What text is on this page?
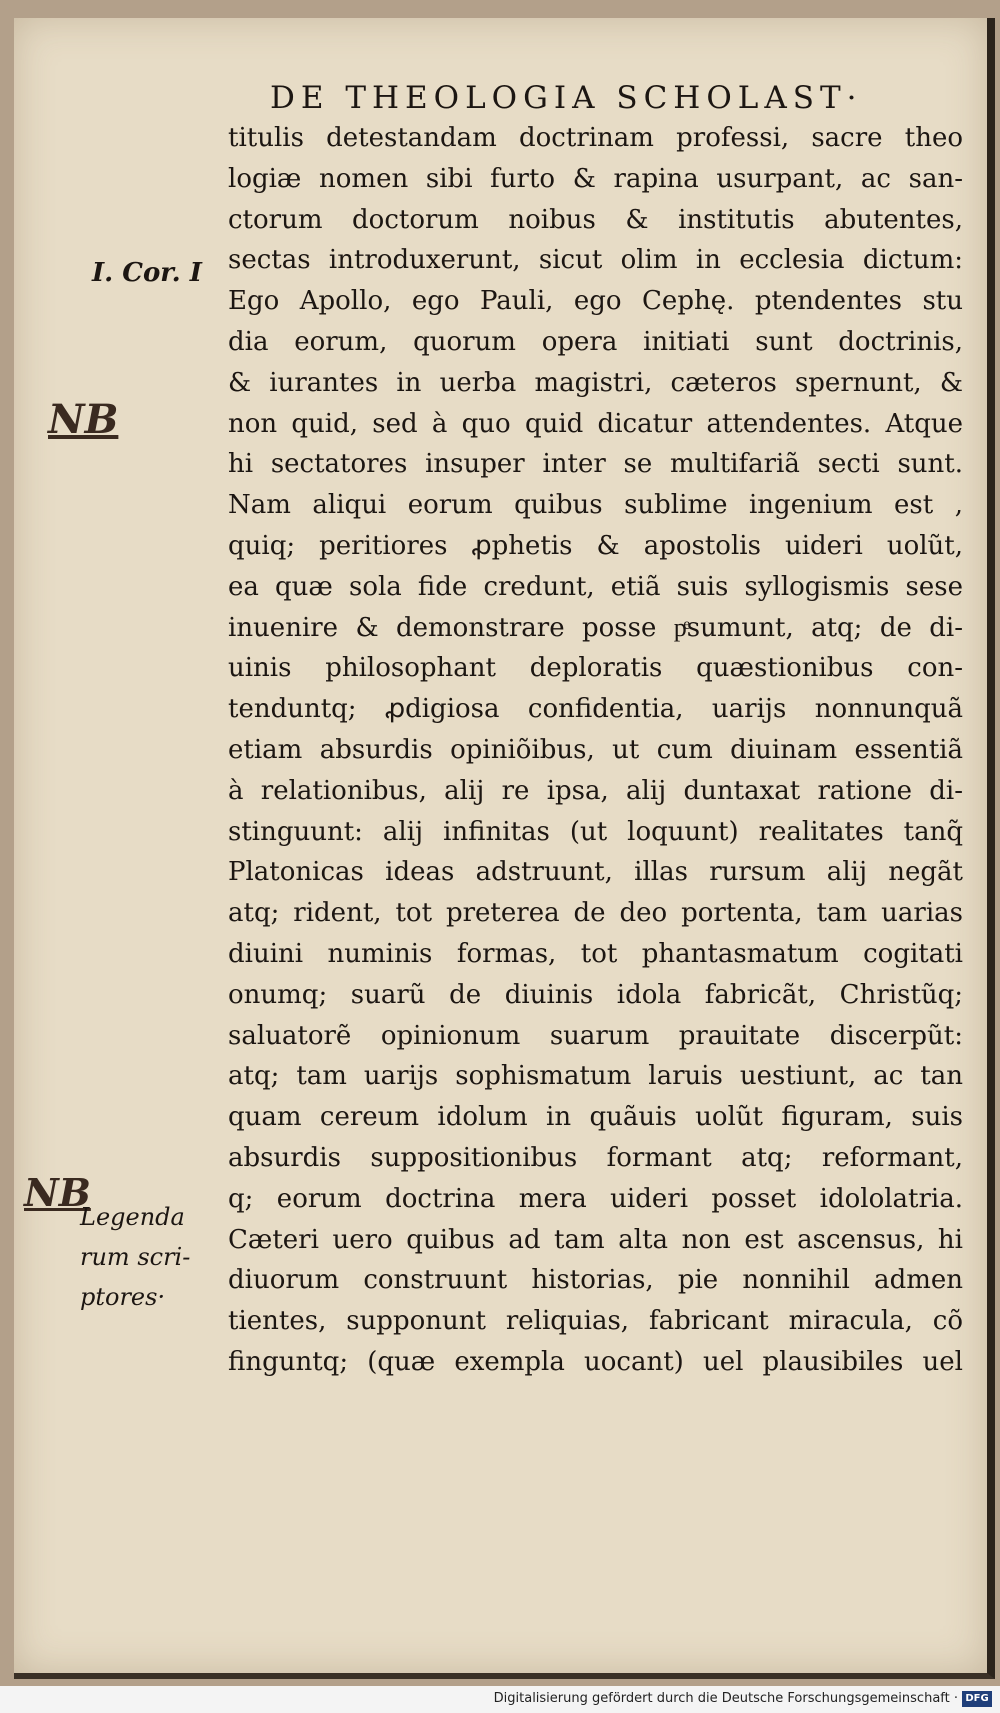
DE THEOLOGIA SCHOLAST·
titulis detestandam doctrinam professi, sacre theo
logiæ nomen sibi furto & rapina usurpant, ac san-
ctorum doctorum noibus & institutis abutentes,
sectas introduxerunt, sicut olim in ecclesia dictum:
Ego Apollo, ego Pauli, ego Cephę. ptendentes stu
dia eorum, quorum opera initiati sunt doctrinis,
& iurantes in uerba magistri, cæteros spernunt, &
non quid, sed à quo quid dicatur attendentes. Atque
hi sectatores insuper inter se multifariã secti sunt.
Nam aliqui eorum quibus sublime ingenium est ,
quiq; peritiores ꝓphetis & apostolis uideri uolũt,
ea quæ sola fide credunt, etiã suis syllogismis sese
inuenire & demonstrare posse pͤsumunt, atq; de di-
uinis philosophant deploratis quæstionibus con-
tenduntq; ꝓdigiosa confidentia, uarijs nonnunquã
etiam absurdis opiniõibus, ut cum diuinam essentiã
à relationibus, alij re ipsa, alij duntaxat ratione di-
stinguunt: alij infinitas (ut loquunt) realitates tanq̃
Platonicas ideas adstruunt, illas rursum alij negãt
atq; rident, tot preterea de deo portenta, tam uarias
diuini numinis formas, tot phantasmatum cogitati
onumq; suarũ de diuinis idola fabricãt, Christũq;
saluatorẽ opinionum suarum prauitate discerpũt:
atq; tam uarijs sophismatum laruis uestiunt, ac tan
quam cereum idolum in quãuis uolũt figuram, suis
absurdis suppositionibus formant atq; reformant,
q; eorum doctrina mera uideri posset idololatria.
Cæteri uero quibus ad tam alta non est ascensus, hi
diuorum construunt historias, pie nonnihil admen
tientes, supponunt reliquias, fabricant miracula, cõ
finguntq; (quæ exempla uocant) uel plausibiles uel
I. Cor. I
NB
NB
Legenda
rum scri-
ptores·
Digitalisierung gefördert durch die Deutsche Forschungsgemeinschaft · DFG
